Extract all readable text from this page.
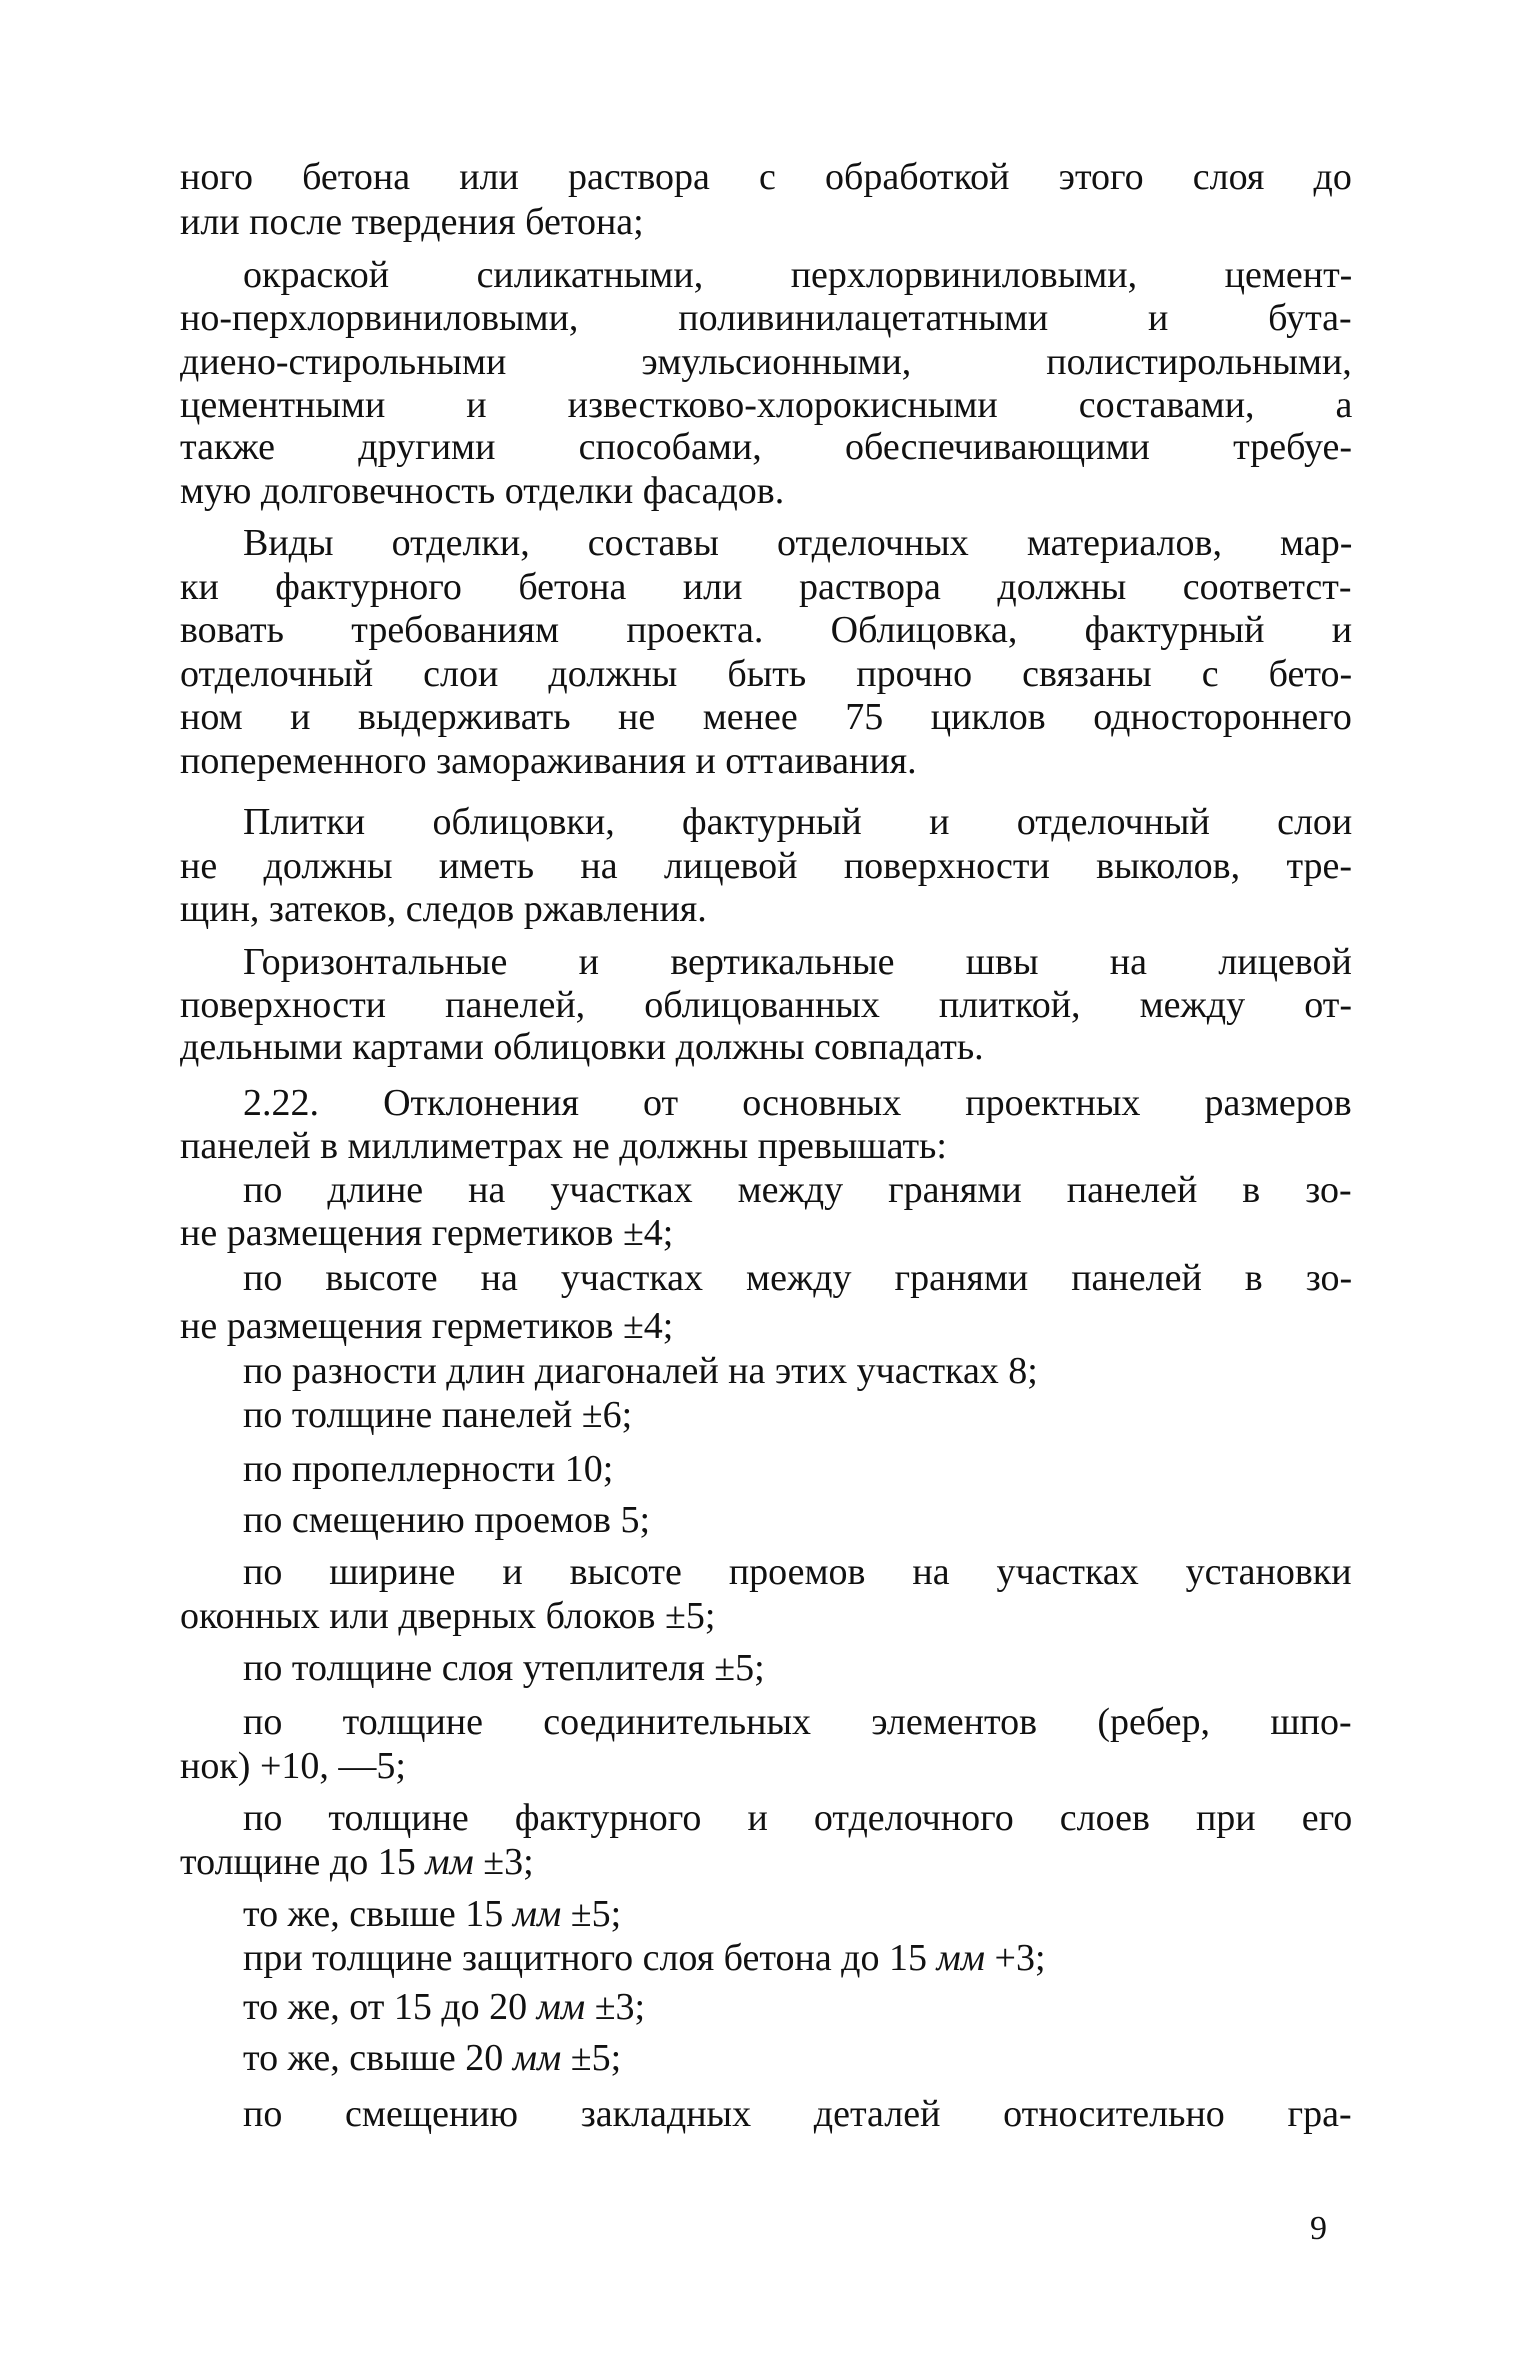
ного бетона или раствора с обработкой этого слоя до
или после твердения бетона;
окраской силикатными, перхлорвиниловыми, цемент-
но-перхлорвиниловыми, поливинилацетатными и бута-
диено-стирольными эмульсионными, полистирольными,
цементными и известково-хлорокисными составами, а
также другими способами, обеспечивающими требуе-
мую долговечность отделки фасадов.
Виды отделки, составы отделочных материалов, мар-
ки фактурного бетона или раствора должны соответст-
вовать требованиям проекта. Облицовка, фактурный и
отделочный слои должны быть прочно связаны с бето-
ном и выдерживать не менее 75 циклов одностороннего
попеременного замораживания и оттаивания.
Плитки облицовки, фактурный и отделочный слои
не должны иметь на лицевой поверхности выколов, тре-
щин, затеков, следов ржавления.
Горизонтальные и вертикальные швы на лицевой
поверхности панелей, облицованных плиткой, между от-
дельными картами облицовки должны совпадать.
2.22. Отклонения от основных проектных размеров
панелей в миллиметрах не должны превышать:
по длине на участках между гранями панелей в зо-
не размещения герметиков ±4;
по высоте на участках между гранями панелей в зо-
не размещения герметиков ±4;
по разности длин диагоналей на этих участках 8;
по толщине панелей ±6;
по пропеллерности 10;
по смещению проемов 5;
по ширине и высоте проемов на участках установки
оконных или дверных блоков ±5;
по толщине слоя утеплителя ±5;
по толщине соединительных элементов (ребер, шпо-
нок) +10, —5;
по толщине фактурного и отделочного слоев при его
толщине до 15 мм ±3;
то же, свыше 15 мм ±5;
при толщине защитного слоя бетона до 15 мм +3;
то же, от 15 до 20 мм ±3;
то же, свыше 20 мм ±5;
по смещению закладных деталей относительно гра-
9
